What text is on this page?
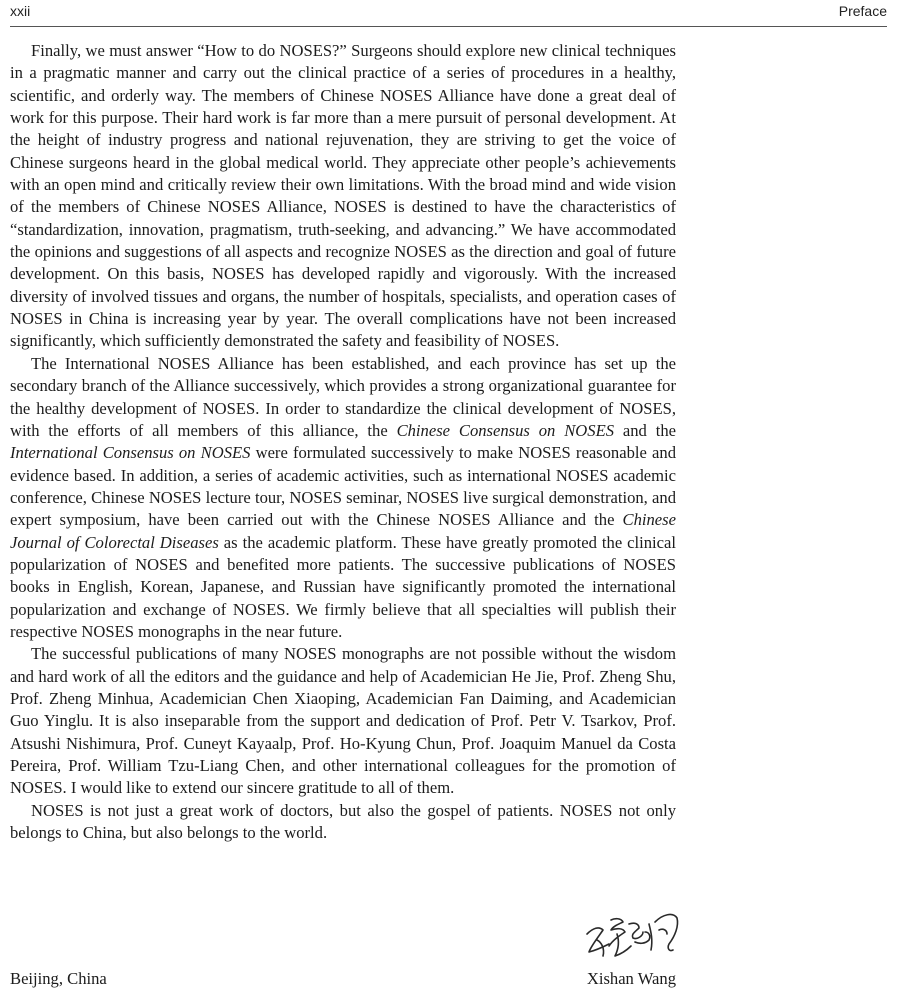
xxii	Preface

Finally, we must answer “How to do NOSES?” Surgeons should explore new clinical techniques in a pragmatic manner and carry out the clinical practice of a series of procedures in a healthy, scientific, and orderly way. The members of Chinese NOSES Alliance have done a great deal of work for this purpose. Their hard work is far more than a mere pursuit of personal development. At the height of industry progress and national rejuvenation, they are striving to get the voice of Chinese surgeons heard in the global medical world. They appreciate other people’s achievements with an open mind and critically review their own limitations. With the broad mind and wide vision of the members of Chinese NOSES Alliance, NOSES is destined to have the characteristics of “standardization, innovation, pragmatism, truth-seeking, and advancing.” We have accommodated the opinions and suggestions of all aspects and recognize NOSES as the direction and goal of future development. On this basis, NOSES has developed rapidly and vigorously. With the increased diversity of involved tissues and organs, the number of hospitals, specialists, and operation cases of NOSES in China is increasing year by year. The overall complications have not been increased significantly, which sufficiently demonstrated the safety and feasibility of NOSES.

The International NOSES Alliance has been established, and each province has set up the secondary branch of the Alliance successively, which provides a strong organizational guarantee for the healthy development of NOSES. In order to standardize the clinical development of NOSES, with the efforts of all members of this alliance, the Chinese Consensus on NOSES and the International Consensus on NOSES were formulated successively to make NOSES reasonable and evidence based. In addition, a series of academic activities, such as international NOSES academic conference, Chinese NOSES lecture tour, NOSES seminar, NOSES live surgical demonstration, and expert symposium, have been carried out with the Chinese NOSES Alliance and the Chinese Journal of Colorectal Diseases as the academic platform. These have greatly promoted the clinical popularization of NOSES and benefited more patients. The successive publications of NOSES books in English, Korean, Japanese, and Russian have significantly promoted the international popularization and exchange of NOSES. We firmly believe that all specialties will publish their respective NOSES monographs in the near future.

The successful publications of many NOSES monographs are not possible without the wisdom and hard work of all the editors and the guidance and help of Academician He Jie, Prof. Zheng Shu, Prof. Zheng Minhua, Academician Chen Xiaoping, Academician Fan Daiming, and Academician Guo Yinglu. It is also inseparable from the support and dedication of Prof. Petr V. Tsarkov, Prof. Atsushi Nishimura, Prof. Cuneyt Kayaalp, Prof. Ho-Kyung Chun, Prof. Joaquim Manuel da Costa Pereira, Prof. William Tzu-Liang Chen, and other international colleagues for the promotion of NOSES. I would like to extend our sincere gratitude to all of them.

NOSES is not just a great work of doctors, but also the gospel of patients. NOSES not only belongs to China, but also belongs to the world.

Beijing, China	Xishan Wang
